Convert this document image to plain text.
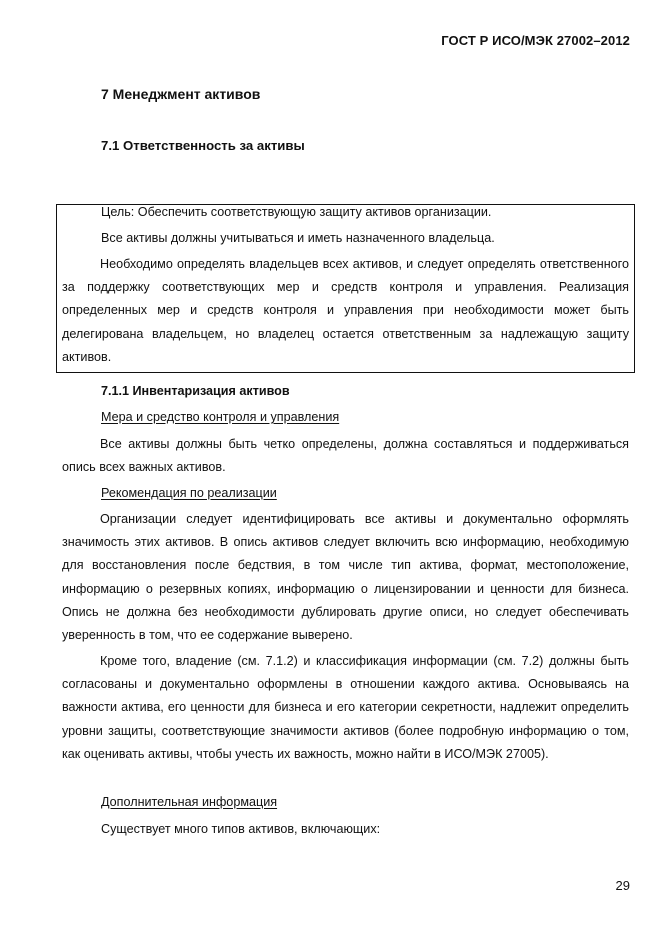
ГОСТ Р ИСО/МЭК 27002–2012
7 Менеджмент активов
7.1 Ответственность за активы
Цель: Обеспечить соответствующую защиту активов организации.
Все активы должны учитываться и иметь назначенного владельца.

Необходимо определять владельцев всех активов, и следует определять ответственного за поддержку соответствующих мер и средств контроля и управления. Реализация определенных мер и средств контроля и управления при необходимости может быть делегирована владельцем, но владелец остается ответственным за надлежащую защиту активов.

7.1.1 Инвентаризация активов
Мера и средство контроля и управления

Все активы должны быть четко определены, должна составляться и поддерживаться опись всех важных активов.

Рекомендация по реализации

Организации следует идентифицировать все активы и документально оформлять значимость этих активов. В опись активов следует включить всю информацию, необходимую для восстановления после бедствия, в том числе тип актива, формат, местоположение, информацию о резервных копиях, информацию о лицензировании и ценности для бизнеса. Опись не должна без необходимости дублировать другие описи, но следует обеспечивать уверенность в том, что ее содержание выверено.

Кроме того, владение (см. 7.1.2) и классификация информации (см. 7.2) должны быть согласованы и документально оформлены в отношении каждого актива. Основываясь на важности актива, его ценности для бизнеса и его категории секретности, надлежит определить уровни защиты, соответствующие значимости активов (более подробную информацию о том, как оценивать активы, чтобы учесть их важность, можно найти в ИСО/МЭК 27005).

Дополнительная информация
Существует много типов активов, включающих:
29
